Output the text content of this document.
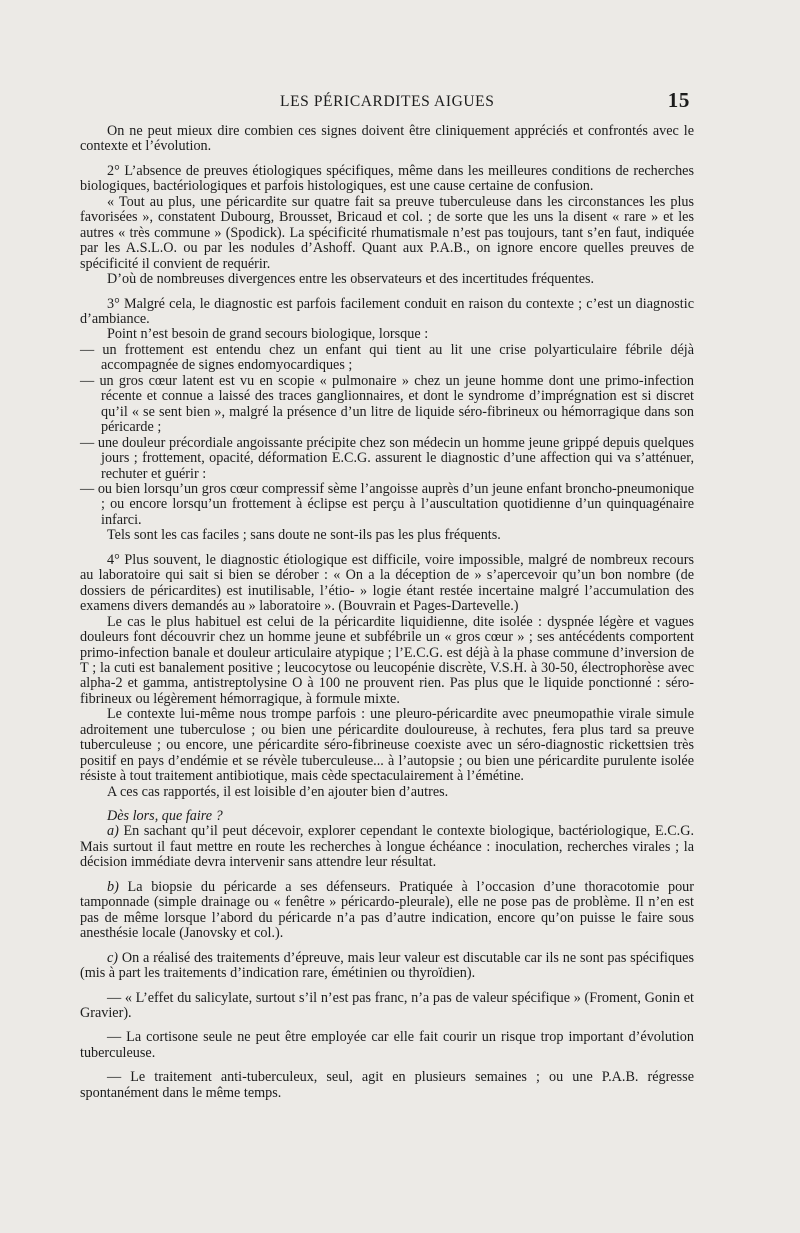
LES PÉRICARDITES AIGUES	15

On ne peut mieux dire combien ces signes doivent être cliniquement appréciés et confrontés avec le contexte et l’évolution.

2° L’absence de preuves étiologiques spécifiques, même dans les meilleures conditions de recherches biologiques, bactériologiques et parfois histologiques, est une cause certaine de confusion.

« Tout au plus, une péricardite sur quatre fait sa preuve tuberculeuse dans les circonstances les plus favorisées », constatent Dubourg, Brousset, Bricaud et col. ; de sorte que les uns la disent « rare » et les autres « très commune » (Spodick). La spécificité rhumatismale n’est pas toujours, tant s’en faut, indiquée par les A.S.L.O. ou par les nodules d’Ashoff. Quant aux P.A.B., on ignore encore quelles preuves de spécificité il convient de requérir.

D’où de nombreuses divergences entre les observateurs et des incertitudes fréquentes.

3° Malgré cela, le diagnostic est parfois facilement conduit en raison du contexte ; c’est un diagnostic d’ambiance.

Point n’est besoin de grand secours biologique, lorsque :

— un frottement est entendu chez un enfant qui tient au lit une crise polyarticulaire fébrile déjà accompagnée de signes endomyocardiques ;

— un gros cœur latent est vu en scopie « pulmonaire » chez un jeune homme dont une primo-infection récente et connue a laissé des traces ganglionnaires, et dont le syndrome d’imprégnation est si discret qu’il « se sent bien », malgré la présence d’un litre de liquide séro-fibrineux ou hémorragique dans son péricarde ;

— une douleur précordiale angoissante précipite chez son médecin un homme jeune grippé depuis quelques jours ; frottement, opacité, déformation E.C.G. assurent le diagnostic d’une affection qui va s’atténuer, rechuter et guérir :

— ou bien lorsqu’un gros cœur compressif sème l’angoisse auprès d’un jeune enfant broncho-pneumonique ; ou encore lorsqu’un frottement à éclipse est perçu à l’auscultation quotidienne d’un quinquagénaire infarci.

Tels sont les cas faciles ; sans doute ne sont-ils pas les plus fréquents.

4° Plus souvent, le diagnostic étiologique est difficile, voire impossible, malgré de nombreux recours au laboratoire qui sait si bien se dérober : « On a la déception de » s’apercevoir qu’un bon nombre (de dossiers de péricardites) est inutilisable, l’étio- » logie étant restée incertaine malgré l’accumulation des examens divers demandés au » laboratoire ». (Bouvrain et Pages-Dartevelle.)

Le cas le plus habituel est celui de la péricardite liquidienne, dite isolée : dyspnée légère et vagues douleurs font découvrir chez un homme jeune et subfébrile un « gros cœur » ; ses antécédents comportent primo-infection banale et douleur articulaire atypique ; l’E.C.G. est déjà à la phase commune d’inversion de T ; la cuti est banalement positive ; leucocytose ou leucopénie discrète, V.S.H. à 30-50, électrophorèse avec alpha-2 et gamma, antistreptolysine O à 100 ne prouvent rien. Pas plus que le liquide ponctionné : séro-fibrineux ou légèrement hémorragique, à formule mixte.

Le contexte lui-même nous trompe parfois : une pleuro-péricardite avec pneumopathie virale simule adroitement une tuberculose ; ou bien une péricardite douloureuse, à rechutes, fera plus tard sa preuve tuberculeuse ; ou encore, une péricardite séro-fibrineuse coexiste avec un séro-diagnostic rickettsien très positif en pays d’endémie et se révèle tuberculeuse... à l’autopsie ; ou bien une péricardite purulente isolée résiste à tout traitement antibiotique, mais cède spectaculairement à l’émétine.

A ces cas rapportés, il est loisible d’en ajouter bien d’autres.

Dès lors, que faire ?

a) En sachant qu’il peut décevoir, explorer cependant le contexte biologique, bactériologique, E.C.G. Mais surtout il faut mettre en route les recherches à longue échéance : inoculation, recherches virales ; la décision immédiate devra intervenir sans attendre leur résultat.

b) La biopsie du péricarde a ses défenseurs. Pratiquée à l’occasion d’une thoracotomie pour tamponnade (simple drainage ou « fenêtre » péricardo-pleurale), elle ne pose pas de problème. Il n’en est pas de même lorsque l’abord du péricarde n’a pas d’autre indication, encore qu’on puisse le faire sous anesthésie locale (Janovsky et col.).

c) On a réalisé des traitements d’épreuve, mais leur valeur est discutable car ils ne sont pas spécifiques (mis à part les traitements d’indication rare, émétinien ou thyroïdien).

— « L’effet du salicylate, surtout s’il n’est pas franc, n’a pas de valeur spécifique » (Froment, Gonin et Gravier).

— La cortisone seule ne peut être employée car elle fait courir un risque trop important d’évolution tuberculeuse.

— Le traitement anti-tuberculeux, seul, agit en plusieurs semaines ; ou une P.A.B. régresse spontanément dans le même temps.
